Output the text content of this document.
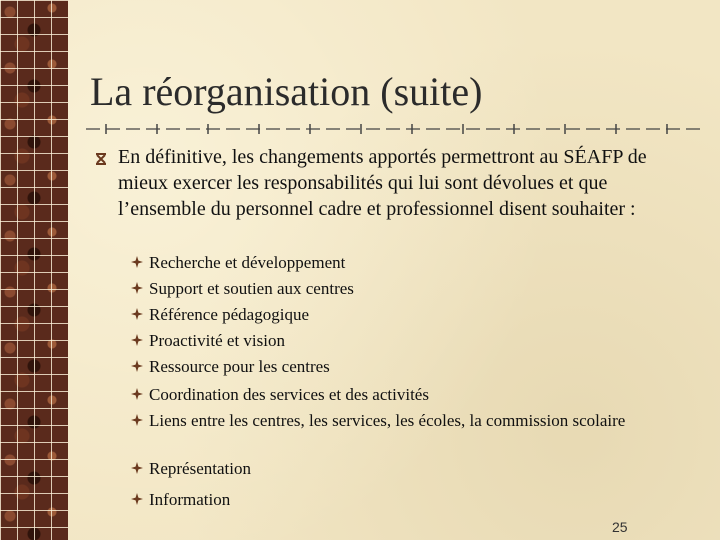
La réorganisation (suite)
En définitive, les changements apportés permettront au SÉAFP de mieux exercer les responsabilités qui lui sont dévolues et que l’ensemble du personnel cadre et professionnel disent souhaiter :
Recherche et développement
Support et soutien aux centres
Référence pédagogique
Proactivité et vision
Ressource pour les centres
Coordination des services et des activités
Liens entre les centres, les services, les écoles, la commission scolaire
Représentation
Information
25
